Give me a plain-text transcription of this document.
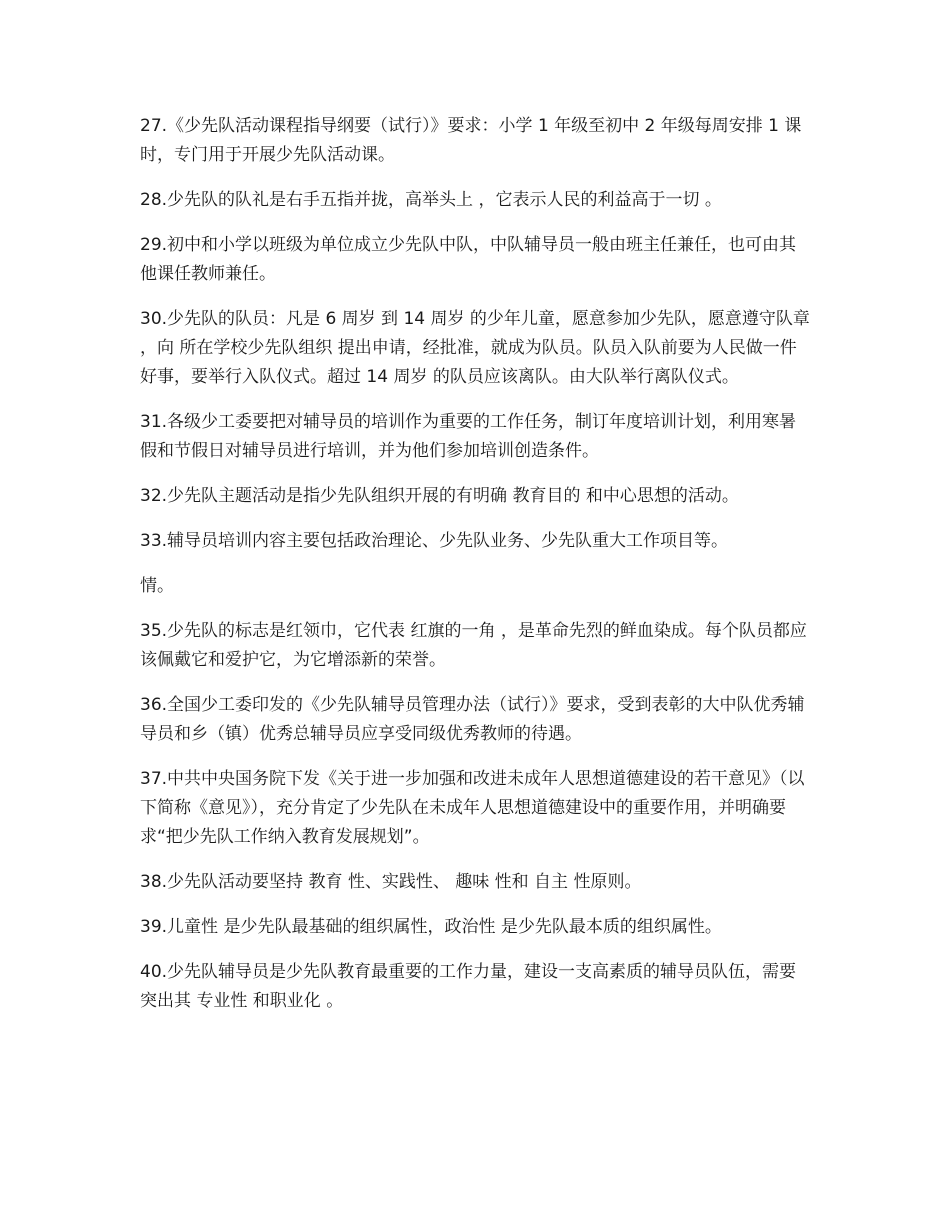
27.《少先队活动课程指导纲要（试行）》要求：小学 1 年级至初中 2 年级每周安排 1 课时，专门用于开展少先队活动课。

28.少先队的队礼是右手五指并拢，高举头上 ，它表示人民的利益高于一切 。

29.初中和小学以班级为单位成立少先队中队，中队辅导员一般由班主任兼任，也可由其他课任教师兼任。

30.少先队的队员：凡是 6 周岁 到 14 周岁 的少年儿童，愿意参加少先队，愿意遵守队章 ，向 所在学校少先队组织 提出申请，经批准，就成为队员。队员入队前要为人民做一件好事，要举行入队仪式。超过 14 周岁 的队员应该离队。由大队举行离队仪式。

31.各级少工委要把对辅导员的培训作为重要的工作任务，制订年度培训计划，利用寒暑假和节假日对辅导员进行培训，并为他们参加培训创造条件。

32.少先队主题活动是指少先队组织开展的有明确 教育目的 和中心思想的活动。

33.辅导员培训内容主要包括政治理论、少先队业务、少先队重大工作项目等。

情。

35.少先队的标志是红领巾，它代表 红旗的一角 ，是革命先烈的鲜血染成。每个队员都应该佩戴它和爱护它，为它增添新的荣誉。

36.全国少工委印发的《少先队辅导员管理办法（试行）》要求，受到表彰的大中队优秀辅导员和乡（镇）优秀总辅导员应享受同级优秀教师的待遇。

37.中共中央国务院下发《关于进一步加强和改进未成年人思想道德建设的若干意见》（以下简称《意见》），充分肯定了少先队在未成年人思想道德建设中的重要作用，并明确要求“把少先队工作纳入教育发展规划”。

38.少先队活动要坚持 教育 性、实践性、 趣味 性和 自主 性原则。

39.儿童性 是少先队最基础的组织属性，政治性 是少先队最本质的组织属性。

40.少先队辅导员是少先队教育最重要的工作力量，建设一支高素质的辅导员队伍，需要突出其 专业性 和职业化 。
